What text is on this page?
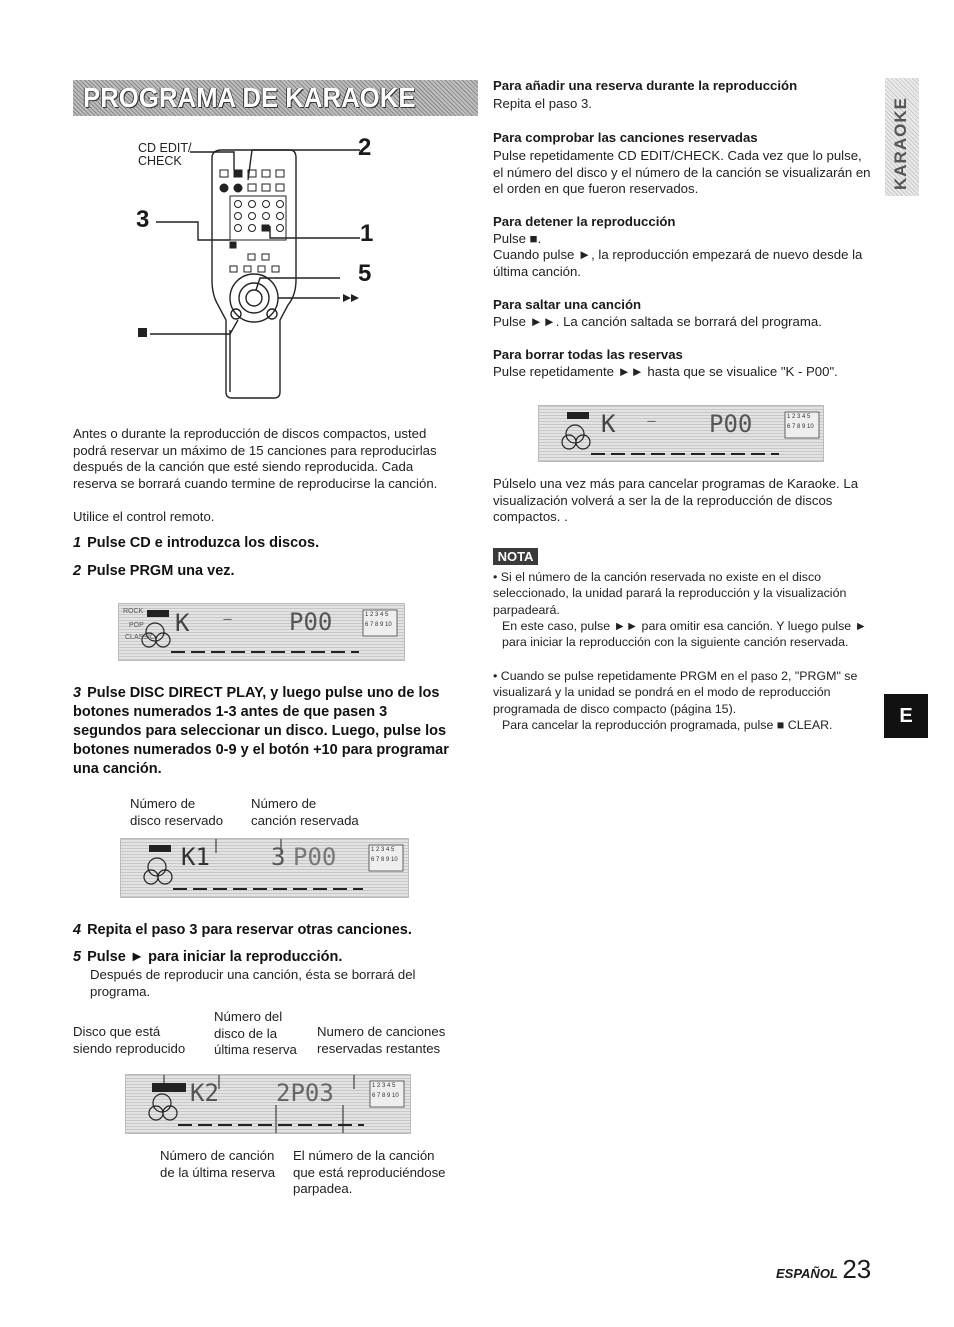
PROGRAMA DE KARAOKE
CD EDIT/
CHECK	2
3
1
5
Antes o durante la reproducción de discos compactos, usted podrá reservar un máximo de 15 canciones para reproducirlas después de la canción que esté siendo reproducida. Cada reserva se borrará cuando termine de reproducirse la canción.
Utilice el control remoto.
1 Pulse CD e introduzca los discos.
2 Pulse PRGM una vez.
ROCK
POP
CLASSIC
K	---- P00	1 2 3 4 5
6 7 8 9 10
3 Pulse DISC DIRECT PLAY, y luego pulse uno de los botones numerados 1-3 antes de que pasen 3 segundos para seleccionar un disco. Luego, pulse los botones numerados 0-9 y el botón +10 para programar una canción.
Número de
disco reservado
Número de
canción reservada
K1	3 P00	1 2 3 4 5
6 7 8 9 10
4 Repita el paso 3 para reservar otras canciones.
5 Pulse ► para iniciar la reproducción.
Después de reproducir una canción, ésta se borrará del programa.
Disco que está
siendo reproducido
Número del
disco de la
última reserva
Numero de canciones
reservadas restantes
K2 2P03	1 2 3 4 5
6 7 8 9 10
Número de canción
de la última reserva
El número de la canción
que está reproduciéndose
parpadea.
Para añadir una reserva durante la reproducción
Repita el paso 3.
Para comprobar las canciones reservadas
Pulse repetidamente CD EDIT/CHECK. Cada vez que lo pulse, el número del disco y el número de la canción se visualizarán en el orden en que fueron reservados.
Para detener la reproducción
Pulse ■.
Cuando pulse ►, la reproducción empezará de nuevo desde la última canción.
Para saltar una canción
Pulse ►►. La canción saltada se borrará del programa.
Para borrar todas las reservas
Pulse repetidamente ►► hasta que se visualice "K - P00".
K	---- P00	1 2 3 4 5
6 7 8 9 10
Púlselo una vez más para cancelar programas de Karaoke. La visualización volverá a ser la de la reproducción de discos compactos. .
NOTA
• Si el número de la canción reservada no existe en el disco seleccionado, la unidad parará la reproducción y la visualización parpadeará.
En este caso, pulse ►► para omitir esa canción. Y luego pulse ► para iniciar la reproducción con la siguiente canción reservada.
• Cuando se pulse repetidamente PRGM en el paso 2, "PRGM" se visualizará y la unidad se pondrá en el modo de reproducción programada de disco compacto (página 15).
Para cancelar la reproducción programada, pulse ■ CLEAR.
KARAOKE
E
ESPAÑOL 23
